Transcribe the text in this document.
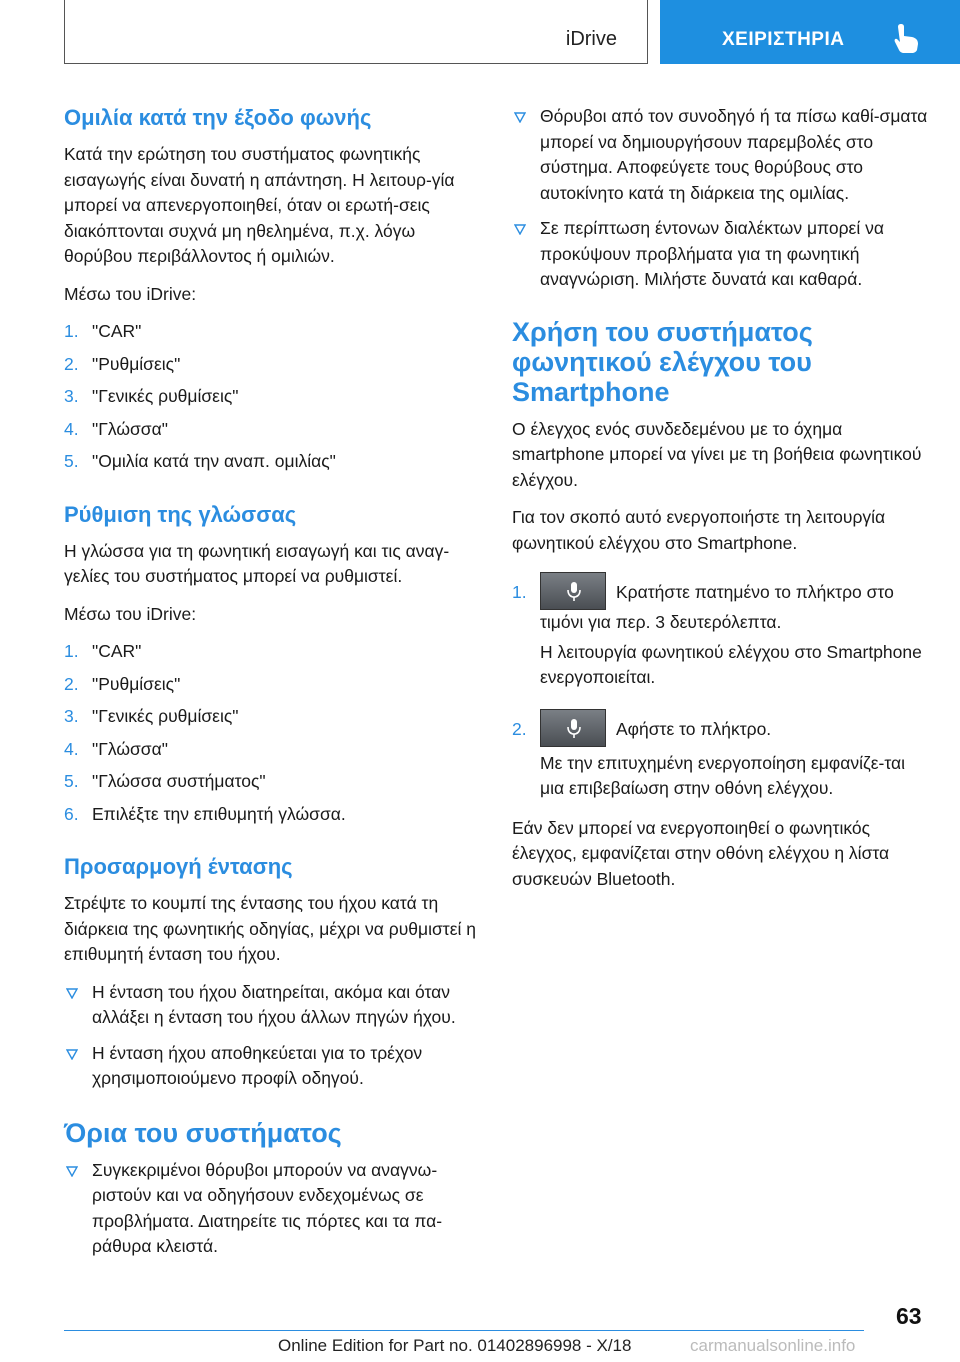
iDrive	ΧΕΙΡΙΣΤΗΡΙΑ
Ομιλία κατά την έξοδο φωνής

Κατά την ερώτηση του συστήματος φωνητικής εισαγωγής είναι δυνατή η απάντηση. Η λειτουρ‐γία μπορεί να απενεργοποιηθεί, όταν οι ερωτή‐σεις διακόπτονται συχνά μη ηθελημένα, π.χ. λόγω θορύβου περιβάλλοντος ή ομιλιών.

Μέσω του iDrive:

1. "CAR"
2. "Ρυθμίσεις"
3. "Γενικές ρυθμίσεις"
4. "Γλώσσα"
5. "Ομιλία κατά την αναπ. ομιλίας"
Ρύθμιση της γλώσσας

Η γλώσσα για τη φωνητική εισαγωγή και τις αναγ‐γελίες του συστήματος μπορεί να ρυθμιστεί.

Μέσω του iDrive:

1. "CAR"
2. "Ρυθμίσεις"
3. "Γενικές ρυθμίσεις"
4. "Γλώσσα"
5. "Γλώσσα συστήματος"
6. Επιλέξτε την επιθυμητή γλώσσα.
Προσαρμογή έντασης

Στρέψτε το κουμπί της έντασης του ήχου κατά τη διάρκεια της φωνητικής οδηγίας, μέχρι να ρυθμιστεί η επιθυμητή ένταση του ήχου.

Η ένταση του ήχου διατηρείται, ακόμα και όταν αλλάξει η ένταση του ήχου άλλων πηγών ήχου.
Η ένταση ήχου αποθηκεύεται για το τρέχον χρησιμοποιούμενο προφίλ οδηγού.
Όρια του συστήματος
Συγκεκριμένοι θόρυβοι μπορούν να αναγνω‐ριστούν και να οδηγήσουν ενδεχομένως σε προβλήματα. Διατηρείτε τις πόρτες και τα πα‐ράθυρα κλειστά.
Θόρυβοι από τον συνοδηγό ή τα πίσω καθί‐σματα μπορεί να δημιουργήσουν παρεμβολές στο σύστημα. Αποφεύγετε τους θορύβους στο αυτοκίνητο κατά τη διάρκεια της ομιλίας.
Σε περίπτωση έντονων διαλέκτων μπορεί να προκύψουν προβλήματα για τη φωνητική αναγνώριση. Μιλήστε δυνατά και καθαρά.
Χρήση του συστήματος φωνητικού ελέγχου του Smartphone

Ο έλεγχος ενός συνδεδεμένου με το όχημα smartphone μπορεί να γίνει με τη βοήθεια φωνητικού ελέγχου.

Για τον σκοπό αυτό ενεργοποιήστε τη λειτουργία φωνητικού ελέγχου στο Smartphone.

1.	Κρατήστε πατημένο το πλήκτρο στο
τιμόνι για περ. 3 δευτερόλεπτα.
Η λειτουργία φωνητικού ελέγχου στο Smartphone ενεργοποιείται.
2.	Αφήστε το πλήκτρο.
Με την επιτυχημένη ενεργοποίηση εμφανίζε‐ται μια επιβεβαίωση στην οθόνη ελέγχου.

Εάν δεν μπορεί να ενεργοποιηθεί ο φωνητικός έλεγχος, εμφανίζεται στην οθόνη ελέγχου η λίστα συσκευών Bluetooth.

63
Online Edition for Part no. 01402896998 - X/18	carmanualsonline.info
